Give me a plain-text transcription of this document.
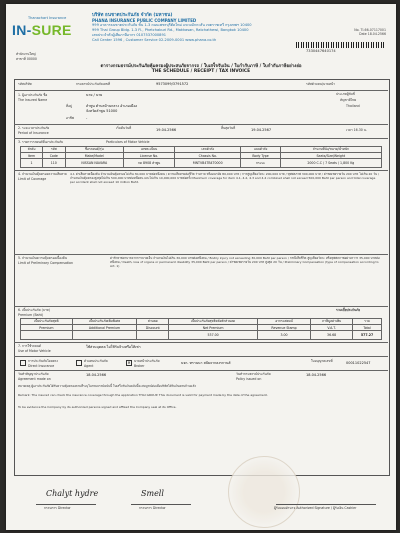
Thanachart Insurance
IN-SURE
บริษัท ธนชาตประกันภัย จำกัด (มหาชน)
PHANA INSURANCE PUBLIC COMPANY LIMITED
999 อาคารธนชาตประกันภัย ชั้น 1-3 ถนนเพชรบุรีตัดใหม่ แขวงมักกะสัน เขตราชเทวี กรุงเทพฯ 10400
999 Thai Group Bldg. 1-3 Fl., Phetchaburi Rd., Makkasan, Ratchathewi, Bangkok 10400
เลขประจำตัวผู้เสียภาษีอากร 0107537000891
Call Center 1596 , Customer Service 02-2009-0001 www.phana.co.th
No. TI-66-07117001
Date 18.04.2566
7330447640174
สำนักงานใหญ่
สาขาที่ 00000
ตารางกรมธรรม์ประกันภัยคุ้มครองผู้ประสบภัยจากรถ / ใบเสร็จรับเงิน / ใบกำกับภาษี / ใบกำกับภาษีอย่างย่อ
THE SCHEDULE / RECEIPT / TAX INVOICE
รหัสบริษัท	กรมธรรม์ประกันภัยเลขที่	9573099/3791572	รหัสตัวแทน/นายหน้า
1. ผู้เอาประกันภัย ชื่อ	นาย / นาย
The Insured Name
ที่อยู่	ลำพูน ตำบลบ้านกลาง อำเภอเมือง
จังหวัดลำพูน 51000
อาชีพ	-
ประเภทผู้ขับขี่
สัญชาติไทย
Thailand
2. ระยะเวลาประกันภัย
Period of Insurance
เริ่มต้นวันที่	19.04.2566	สิ้นสุดวันที่	19.04.2567	เวลา 16.30 น.
3. รายการรถยนต์ที่เอาประกันภัย	Particulars of Motor Vehicle
ลำดับ	รหัส	ชื่อรถยนต์/รุ่น	เลขทะเบียน	เลขตัวถัง	แบบตัวถัง	จำนวนที่นั่ง/ขนาด/น้ำหนัก
Item	Code	Make/Model	License No.	Chassis No.	Body Type	Seats/Size/Weight
1	110	NISSAN NAVARA	กค 8908 ลำพูน	MNTVB4TB4T0000	กระบะ	2000 C.C / 7 Seats / 1,800 Kg
4. จำนวนเงินคุ้มครองความเสียหาย
Limit of Coverage
4.1 ค่าเสียหายเบื้องต้น จำนวนเงินคุ้มครองไม่เกิน 30,000 บาทต่อหนึ่งคน / ความเสียหายต่อชีวิต ร่างกาย หรืออนามัย 80,000 บาท / การสูญเสียอวัยวะ 200,000 บาท / ทุพพลภาพ 300,000 บาท / ค่าชดเชยรายวัน 200 บาท ไม่เกิน 20 วัน / จำนวนเงินคุ้มครองสูงสุดไม่เกิน 500,000 บาทต่อหนึ่งคน และไม่เกิน 10,000,000 บาทต่อครั้ง Maximum coverage for item 4.1, 4.2, 4.3 and 4.4 combined shall not exceed 500,000 Baht per person and total coverage per accident shall not exceed 10 million Baht.
5. จำนวนเงินความคุ้มครองเบื้องต้น
Limit of Preliminary Compensation
ค่ารักษาพยาบาลจากการบาดเจ็บ จำนวนเงินไม่เกิน 30,000 บาทต่อหนึ่งคน / Bodily injury not exceeding 30,000 Baht per person / กรณีเสียชีวิต สูญเสียอวัยวะ หรือทุพพลภาพอย่างถาวร 35,000 บาทต่อหนึ่งคน / Death, loss of organs or permanent disability 35,000 Baht per person / ค่าชดเชยรายวัน 200 บาท สูงสุด 20 วัน / Preliminary Compensation (type of compensation according to Art. 1)
6. เบี้ยประกันภัย (บาท)
Premium (Baht)
รวมเบี้ยประกันภัย
เบี้ยประกันภัยสุทธิ	เบี้ยประกันภัยเพิ่มพิเศษ	ส่วนลด	เบี้ยประกันภัยสุทธิหลังหักส่วนลด	อากรแสตมป์	ภาษีมูลค่าเพิ่ม	รวม
Premium	Additional Premium	Discount	Net Premium	Revenue Stamp	V.A.T.	Total
			537.00	3.00	36.68	577.27
7. การใช้รถยนต์
Use of Motor Vehicle
ใช้ส่วนบุคคล ไม่ใช้รับจ้างหรือให้เช่า
การประกันภัยโดยตรง
Direct Insurance
ตัวแทนประกันภัย
Agent
✕	นายหน้าประกันภัย
Broker
บจก. ทรานนา สปัยจากลงรกานส์	ใบอนุญาตเลขที่	00011022547
วันทำสัญญาประกันภัย
Agreement made on
18.04.2566	วันทำกรมธรรม์ประกันภัย
Policy issued on
18.04.2566
หมายเหตุ ผู้เอาประกันภัยได้รับความคุ้มครองตามที่ระบุในกรมธรรม์ฉบับนี้ ใบเสร็จรับเงินฉบับนี้จะสมบูรณ์ต่อเมื่อบริษัทได้รับเงินครบถ้วนแล้ว
Remark: The insured can check the insurance coverage through the application THAI GROUP. This document is valid for payment made by the date of the agreement.
To be evidence the Company by its authorized persons signed and affixed the Company seal at its Office.
Chalyt hydre	Smell
กรรมการ Director	กรรมการ Director	ผู้รับมอบอำนาจ Authorized Signature / ผู้รับเงิน Cashier
